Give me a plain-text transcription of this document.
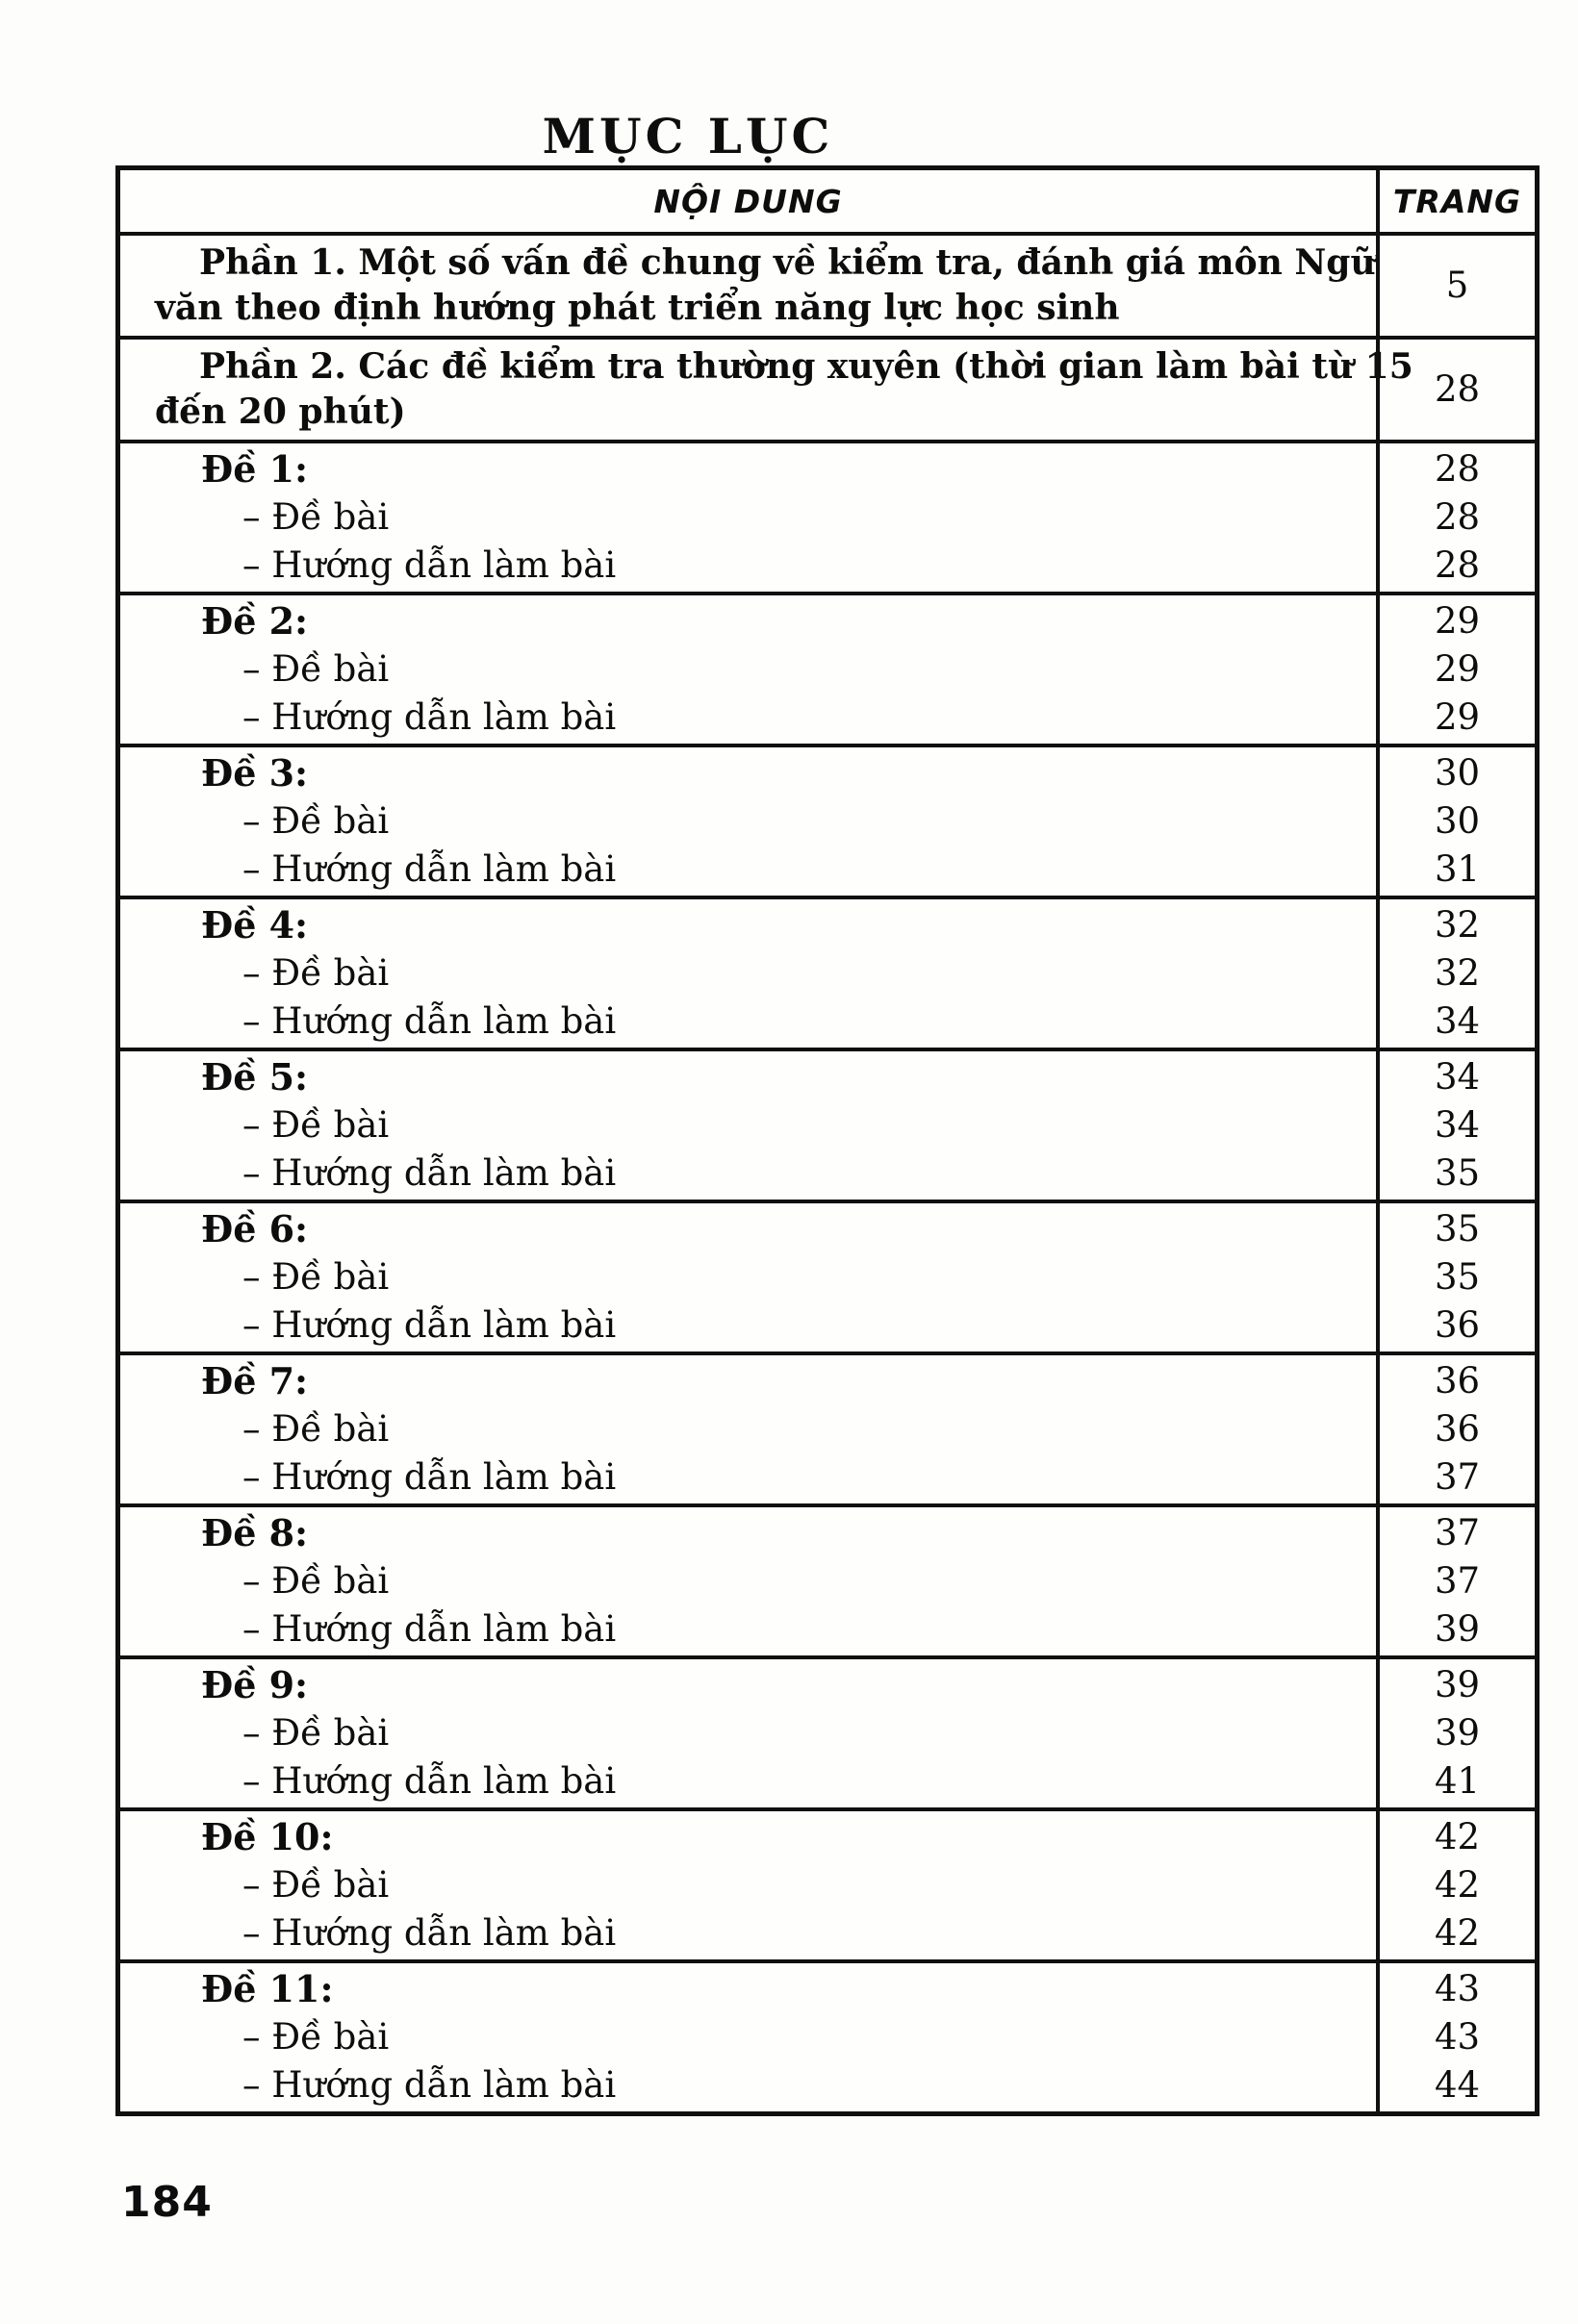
MỤC LỤC
NỘI DUNG	TRANG
Phần 1. Một số vấn đề chung về kiểm tra, đánh giá môn Ngữ
văn theo định hướng phát triển năng lực học sinh
5
Phần 2. Các đề kiểm tra thường xuyên (thời gian làm bài từ 15
đến 20 phút)
28
Đề 1:
– Đề bài
– Hướng dẫn làm bài
28
28
28
Đề 2:
– Đề bài
– Hướng dẫn làm bài
29
29
29
Đề 3:
– Đề bài
– Hướng dẫn làm bài
30
30
31
Đề 4:
– Đề bài
– Hướng dẫn làm bài
32
32
34
Đề 5:
– Đề bài
– Hướng dẫn làm bài
34
34
35
Đề 6:
– Đề bài
– Hướng dẫn làm bài
35
35
36
Đề 7:
– Đề bài
– Hướng dẫn làm bài
36
36
37
Đề 8:
– Đề bài
– Hướng dẫn làm bài
37
37
39
Đề 9:
– Đề bài
– Hướng dẫn làm bài
39
39
41
Đề 10:
– Đề bài
– Hướng dẫn làm bài
42
42
42
Đề 11:
– Đề bài
– Hướng dẫn làm bài
43
43
44
184
